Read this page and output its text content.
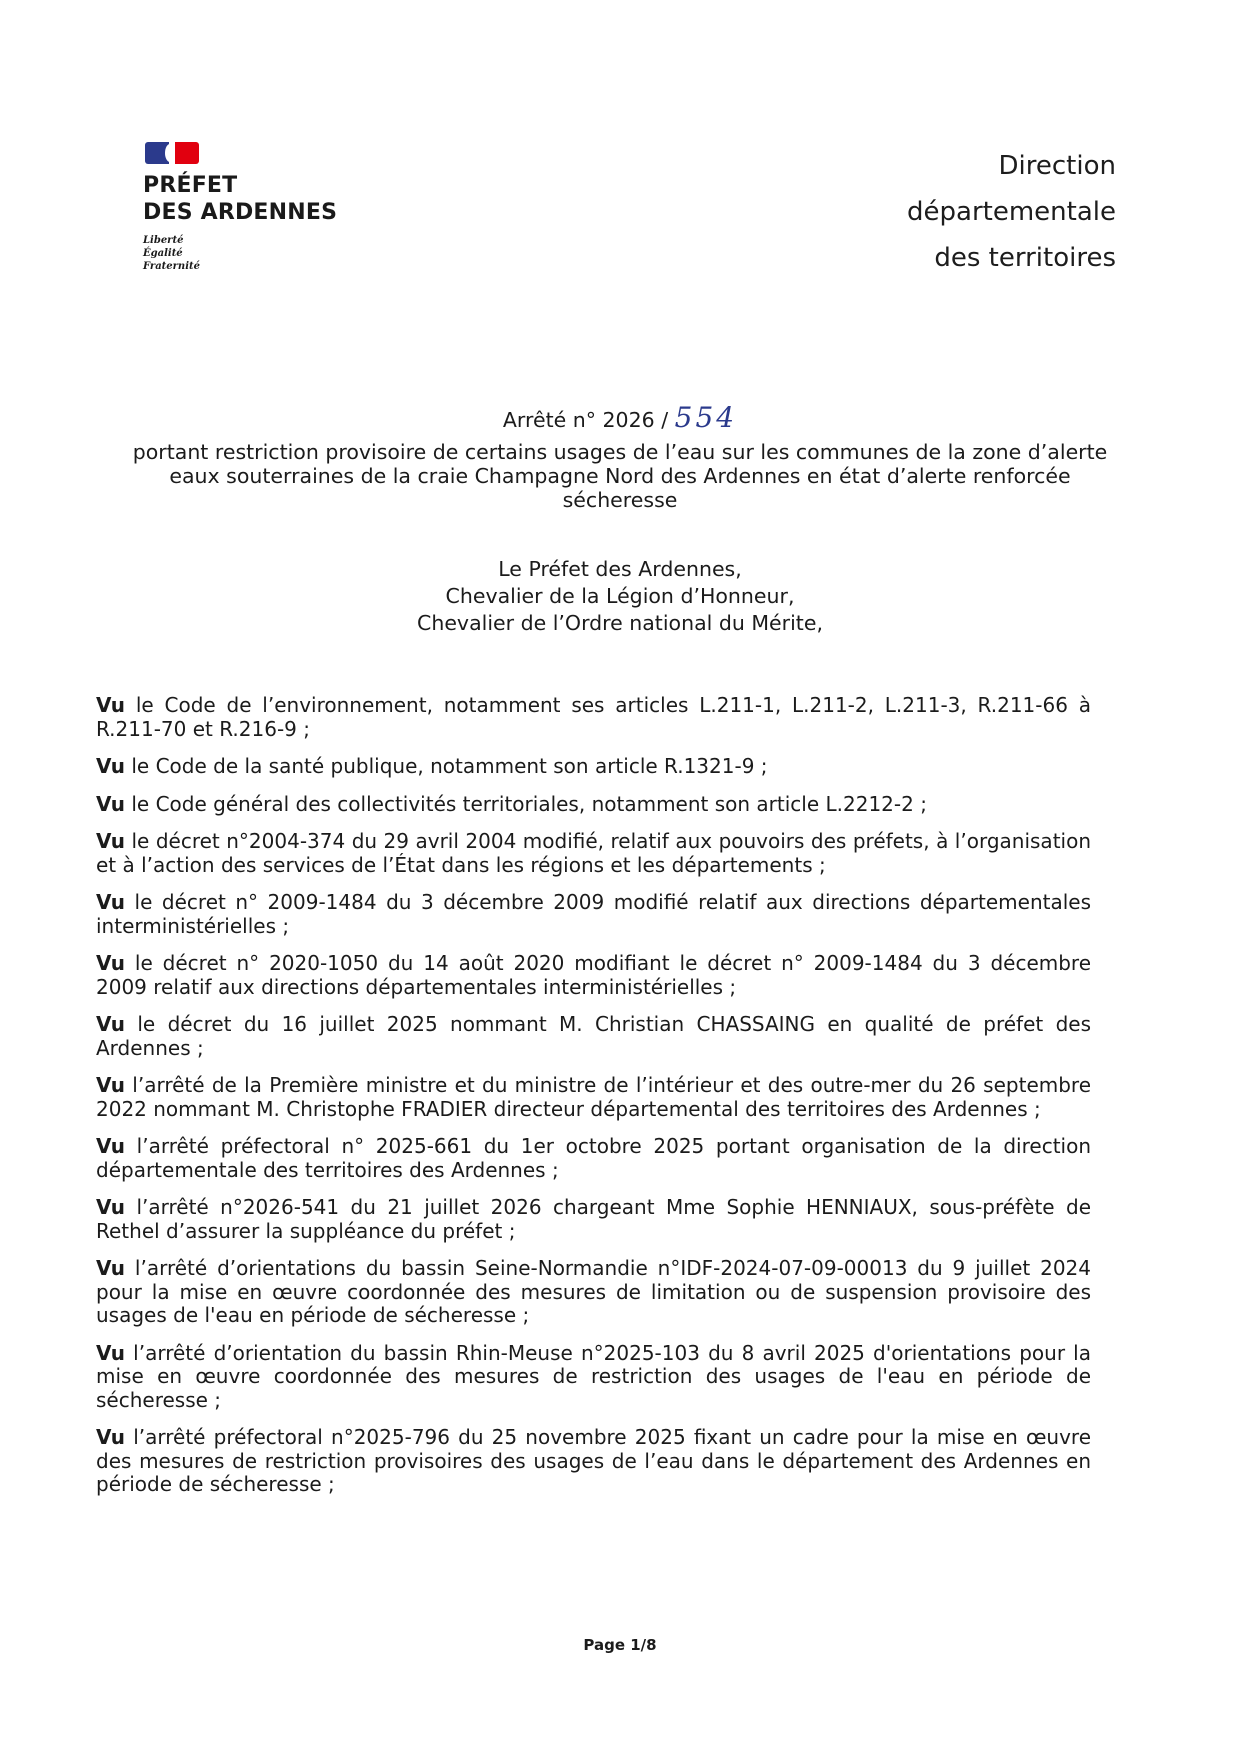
PRÉFET
DES ARDENNES
Liberté
Égalité
Fraternité
Direction
départementale
des territoires
Arrêté n° 2026 / 554
portant restriction provisoire de certains usages de l’eau sur les communes de la zone d’alerte
eaux souterraines de la craie Champagne Nord des Ardennes en état d’alerte renforcée
sécheresse
Le Préfet des Ardennes,
Chevalier de la Légion d’Honneur,
Chevalier de l’Ordre national du Mérite,

Vu le Code de l’environnement, notamment ses articles L.211-1, L.211-2, L.211-3, R.211-66 à R.211-70 et R.216-9 ;

Vu le Code de la santé publique, notamment son article R.1321-9 ;

Vu le Code général des collectivités territoriales, notamment son article L.2212-2 ;

Vu le décret n°2004-374 du 29 avril 2004 modifié, relatif aux pouvoirs des préfets, à l’organisation et à l’action des services de l’État dans les régions et les départements ;

Vu le décret n° 2009-1484 du 3 décembre 2009 modifié relatif aux directions départementales interministérielles ;

Vu le décret n° 2020-1050 du 14 août 2020 modifiant le décret n° 2009-1484 du 3 décembre 2009 relatif aux directions départementales interministérielles ;

Vu le décret du 16 juillet 2025 nommant M. Christian CHASSAING en qualité de préfet des Ardennes ;

Vu l’arrêté de la Première ministre et du ministre de l’intérieur et des outre-mer du 26 septembre 2022 nommant M. Christophe FRADIER directeur départemental des territoires des Ardennes ;

Vu l’arrêté préfectoral n° 2025-661 du 1er octobre 2025 portant organisation de la direction départementale des territoires des Ardennes ;

Vu l’arrêté n°2026-541 du 21 juillet 2026 chargeant Mme Sophie HENNIAUX, sous-préfète de Rethel d’assurer la suppléance du préfet ;

Vu l’arrêté d’orientations du bassin Seine-Normandie n°IDF-2024-07-09-00013 du 9 juillet 2024 pour la mise en œuvre coordonnée des mesures de limitation ou de suspension provisoire des usages de l'eau en période de sécheresse ;

Vu l’arrêté d’orientation du bassin Rhin-Meuse n°2025-103 du 8 avril 2025 d'orientations pour la mise en œuvre coordonnée des mesures de restriction des usages de l'eau en période de sécheresse ;

Vu l’arrêté préfectoral n°2025-796 du 25 novembre 2025 fixant un cadre pour la mise en œuvre des mesures de restriction provisoires des usages de l’eau dans le département des Ardennes en période de sécheresse ;

Page 1/8
